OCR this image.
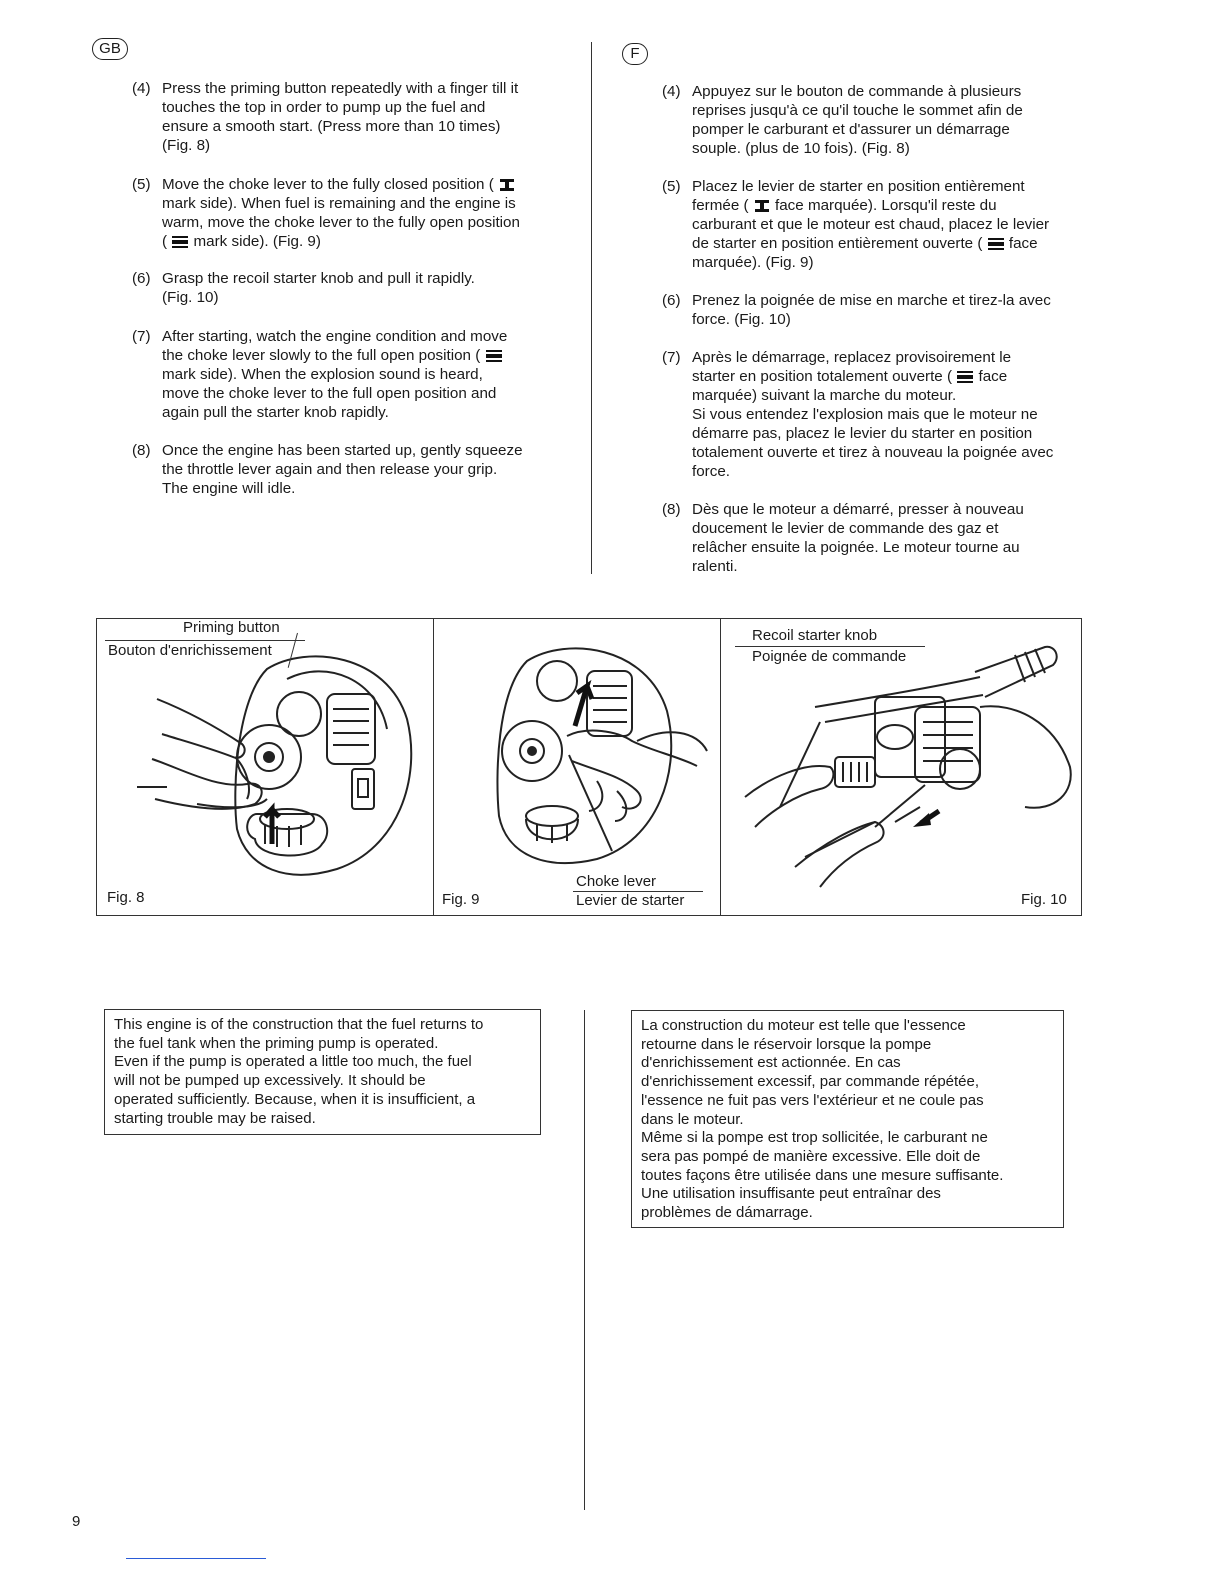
GB	F
(4) Press the priming button repeatedly with a finger till it
touches the top in order to pump up the fuel and
ensure a smooth start. (Press more than 10 times)
(Fig. 8)
(5) Move the choke lever to the fully closed position (
mark side). When fuel is remaining and the engine is
warm, move the choke lever to the fully open position
(  mark side). (Fig. 9)
(6) Grasp the recoil starter knob and pull it rapidly.
(Fig. 10)
(7) After starting, watch the engine condition and move
the choke lever slowly to the full open position (
mark side). When the explosion sound is heard,
move the choke lever to the full open position and
again pull the starter knob rapidly.
(8) Once the engine has been started up, gently squeeze
the throttle lever again and then release your grip.
The engine will idle.
(4) Appuyez sur le bouton de commande à plusieurs
reprises jusqu'à ce qu'il touche le sommet afin de
pomper le carburant et d'assurer un démarrage
souple. (plus de 10 fois). (Fig. 8)
(5) Placez le levier de starter en position entièrement
fermée ( face marquée). Lorsqu'il reste du
carburant et que le moteur est chaud, placez le levier
de starter en position entièrement ouverte ( face
marquée). (Fig. 9)
(6) Prenez la poignée de mise en marche et tirez-la avec
force. (Fig. 10)
(7) Après le démarrage, replacez provisoirement le
starter en position totalement ouverte ( face
marquée) suivant la marche du moteur.
Si vous entendez l'explosion mais que le moteur ne
démarre pas, placez le levier du starter en position
totalement ouverte et tirez à nouveau la poignée avec
force.
(8) Dès que le moteur a démarré, presser à nouveau
doucement le levier de commande des gaz et
relâcher ensuite la poignée. Le moteur tourne au
ralenti.
Priming button
Bouton d'enrichissement
Fig. 8
Choke lever
Levier de starter
Fig. 9
Recoil starter knob
Poignée de commande
Fig. 10
This engine is of the construction that the fuel returns to
the fuel tank when the priming pump is operated.
Even if the pump is operated a little too much, the fuel
will not be pumped up excessively. It should be
operated sufficiently. Because, when it is insufficient, a
starting trouble may be raised.
La construction du moteur est telle que l'essence
retourne dans le réservoir lorsque la pompe
d'enrichissement est actionnée. En cas
d'enrichissement excessif, par commande répétée,
l'essence ne fuit pas vers l'extérieur et ne coule pas
dans le moteur.
Même si la pompe est trop sollicitée, le carburant ne
sera pas pompé de manière excessive. Elle doit de
toutes façons être utilisée dans une mesure suffisante.
Une utilisation insuffisante peut entraînar des
problèmes de dámarrage.
9
